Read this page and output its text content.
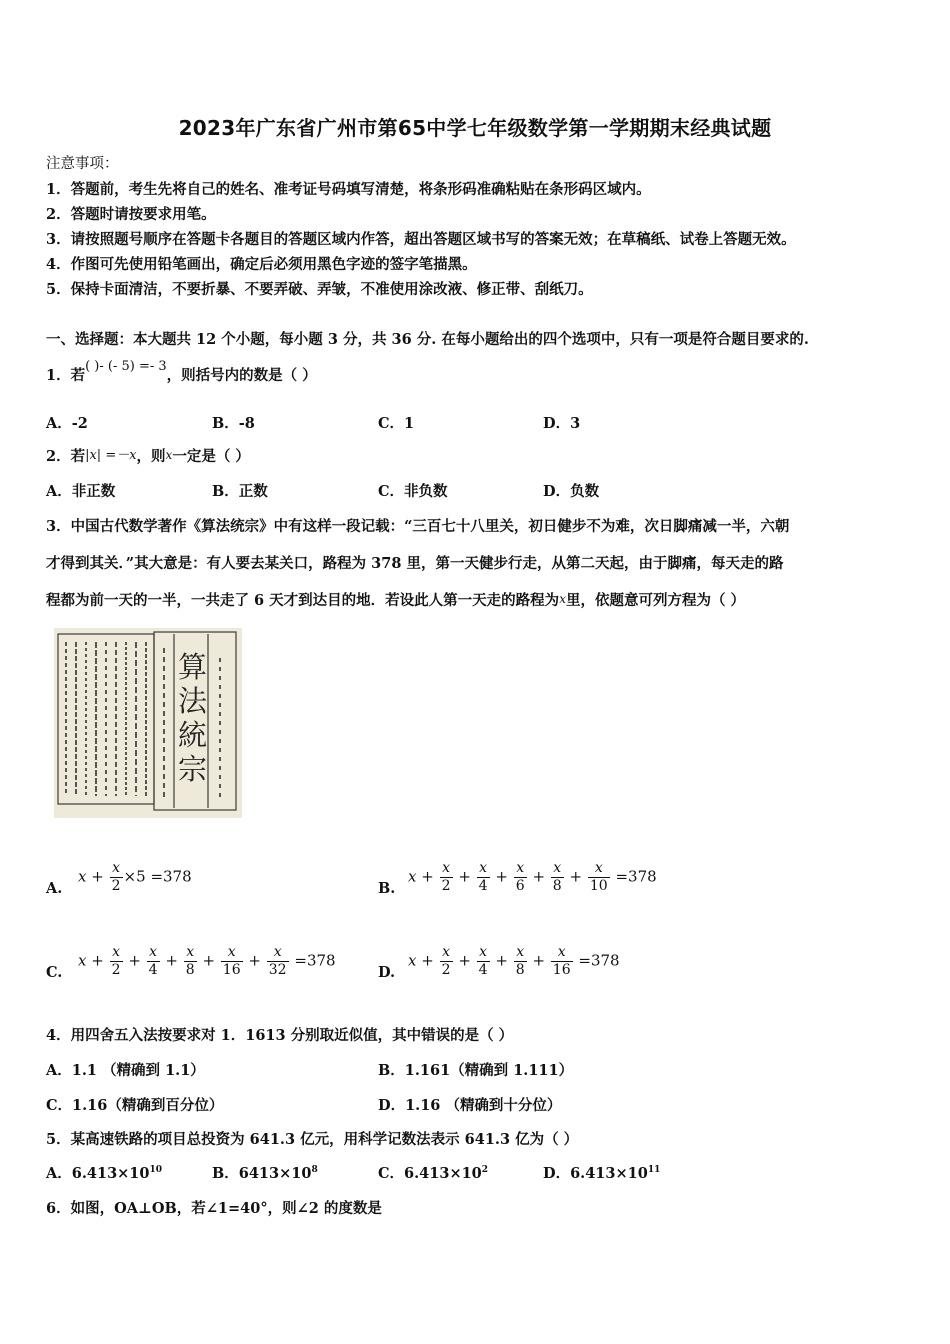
2023年广东省广州市第65中学七年级数学第一学期期末经典试题
注意事项：
1．答题前，考生先将自己的姓名、准考证号码填写清楚，将条形码准确粘贴在条形码区域内。
2．答题时请按要求用笔。
3．请按照题号顺序在答题卡各题目的答题区域内作答，超出答题区域书写的答案无效；在草稿纸、试卷上答题无效。
4．作图可先使用铅笔画出，确定后必须用黑色字迹的签字笔描黑。
5．保持卡面清洁，不要折暴、不要弄破、弄皱，不准使用涂改液、修正带、刮纸刀。
一、选择题：本大题共 12 个小题，每小题 3 分，共 36 分. 在每小题给出的四个选项中，只有一项是符合题目要求的.
1．若( )- (- 5) =- 3，则括号内的数是（ ）
A．-2	B．-8	C．1	D．3
2．若|x| =－x，则x一定是（ ）
A．非正数	B．正数	C．非负数	D．负数
3．中国古代数学著作《算法统宗》中有这样一段记载：“三百七十八里关，初日健步不为难，次日脚痛减一半，六朝
才得到其关．”其大意是：有人要去某关口，路程为 378 里，第一天健步行走，从第二天起，由于脚痛，每天走的路
程都为前一天的一半，一共走了 6 天才到达目的地．若设此人第一天走的路程为x里，依题意可列方程为（ ）
算法統宗
A.
$x + \frac{x}{2} \times 5 =378$
B.
$x + \frac{x}{2} + \frac{x}{4} + \frac{x}{6} + \frac{x}{8} + \frac{x}{10} =378$
C.
$x + \frac{x}{2} + \frac{x}{4} + \frac{x}{8} + \frac{x}{16} + \frac{x}{32} =378$
D.
$x + \frac{x}{2} + \frac{x}{4} + \frac{x}{8} + \frac{x}{16} =378$
4．用四舍五入法按要求对 1．1613 分别取近似值，其中错误的是（ ）
A．1.1 （精确到 1.1）	B．1.161（精确到 1.111）
C．1.16（精确到百分位）	D．1.16 （精确到十分位）
5．某高速铁路的项目总投资为 641.3 亿元，用科学记数法表示 641.3 亿为（ ）
A．$6.413\times 10^{10}$	B．$6413\times 10^8$	C．$6.413\times 10^2$	D．$6.413\times 10^{11}$
6．如图，OA⊥OB，若∠1=40°，则∠2 的度数是
